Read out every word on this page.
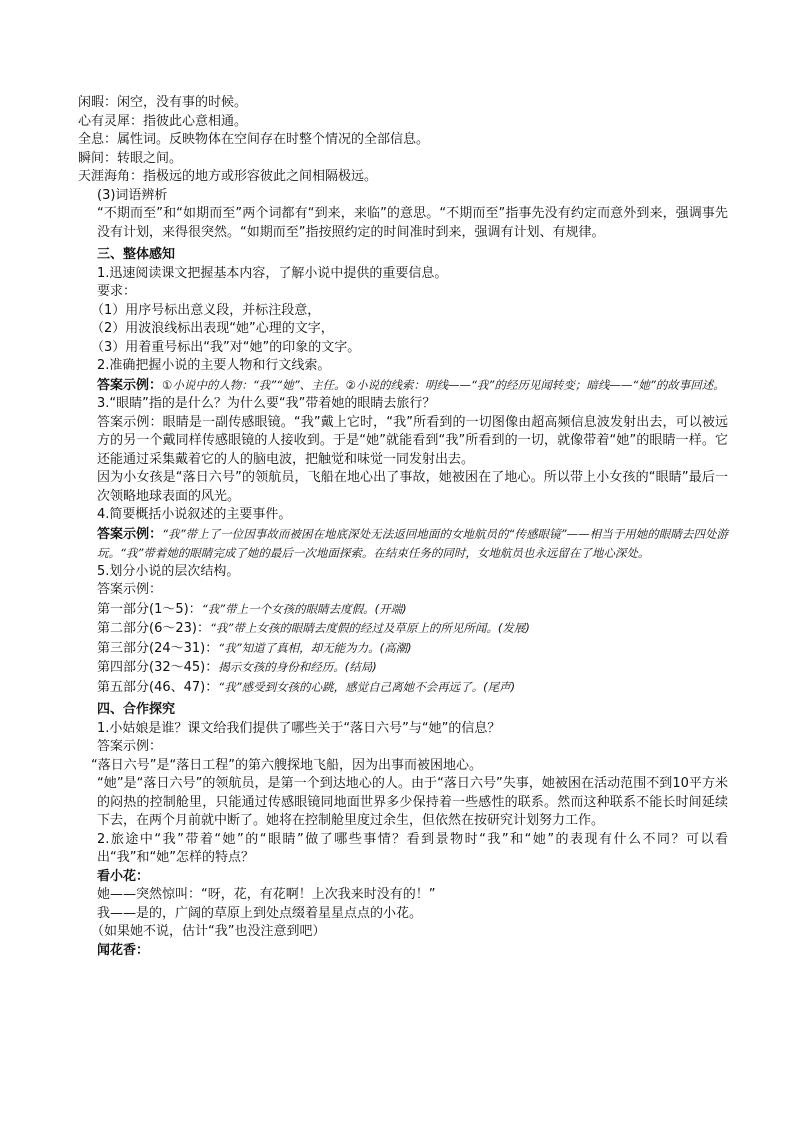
闲暇：闲空，没有事的时候。
心有灵犀：指彼此心意相通。
全息：属性词。反映物体在空间存在时整个情况的全部信息。
瞬间：转眼之间。
天涯海角：指极远的地方或形容彼此之间相隔极远。
(3)词语辨析
“不期而至”和“如期而至”两个词都有“到来，来临”的意思。“不期而至”指事先没有约定而意外到来，强调事先没有计划，来得很突然。“如期而至”指按照约定的时间准时到来，强调有计划、有规律。
三、整体感知
1.迅速阅读课文把握基本内容，了解小说中提供的重要信息。
要求：
（1）用序号标出意义段，并标注段意，
（2）用波浪线标出表现“她”心理的文字，
（3）用着重号标出“我”对“她”的印象的文字。
2.准确把握小说的主要人物和行文线索。
答案示例：①小说中的人物：“我”“她”、主任。②小说的线索：明线——“我”的经历见闻转变；暗线——“她”的故事回述。
3.“眼睛”指的是什么？为什么要“我”带着她的眼睛去旅行？
答案示例：眼睛是一副传感眼镜。“我”戴上它时，“我”所看到的一切图像由超高频信息波发射出去，可以被远方的另一个戴同样传感眼镜的人接收到。于是“她”就能看到“我”所看到的一切，就像带着“她”的眼睛一样。它还能通过采集戴着它的人的脑电波，把触觉和味觉一同发射出去。
因为小女孩是“落日六号”的领航员，飞船在地心出了事故，她被困在了地心。所以带上小女孩的“眼睛”最后一次领略地球表面的风光。
4.简要概括小说叙述的主要事件。
答案示例：“我”带上了一位因事故而被困在地底深处无法返回地面的女地航员的“传感眼镜”——相当于用她的眼睛去四处游玩。“我”带着她的眼睛完成了她的最后一次地面探索。在结束任务的同时，女地航员也永远留在了地心深处。
5.划分小说的层次结构。
答案示例：
第一部分(1～5)：“我”带上一个女孩的眼睛去度假。(开端)
第二部分(6～23)：“我”带上女孩的眼睛去度假的经过及草原上的所见所闻。(发展)
第三部分(24～31)：“我”知道了真相，却无能为力。(高潮)
第四部分(32～45)：揭示女孩的身份和经历。(结局)
第五部分(46、47)：“我”感受到女孩的心跳，感觉自己离她不会再远了。(尾声)
四、合作探究
1.小姑娘是谁？课文给我们提供了哪些关于“落日六号”与“她”的信息？
答案示例：
“落日六号”是“落日工程”的第六艘探地飞船，因为出事而被困地心。
“她”是“落日六号”的领航员，是第一个到达地心的人。由于“落日六号”失事，她被困在活动范围不到10平方米的闷热的控制舱里，只能通过传感眼镜同地面世界多少保持着一些感性的联系。然而这种联系不能长时间延续下去，在两个月前就中断了。她将在控制舱里度过余生，但依然在按研究计划努力工作。
2.旅途中“我”带着“她”的“眼睛”做了哪些事情？看到景物时“我”和“她”的表现有什么不同？可以看出“我”和“她”怎样的特点？
看小花：
她——突然惊叫：“呀，花，有花啊！上次我来时没有的！”
我——是的，广阔的草原上到处点缀着星星点点的小花。
（如果她不说，估计“我”也没注意到吧）
闻花香：
